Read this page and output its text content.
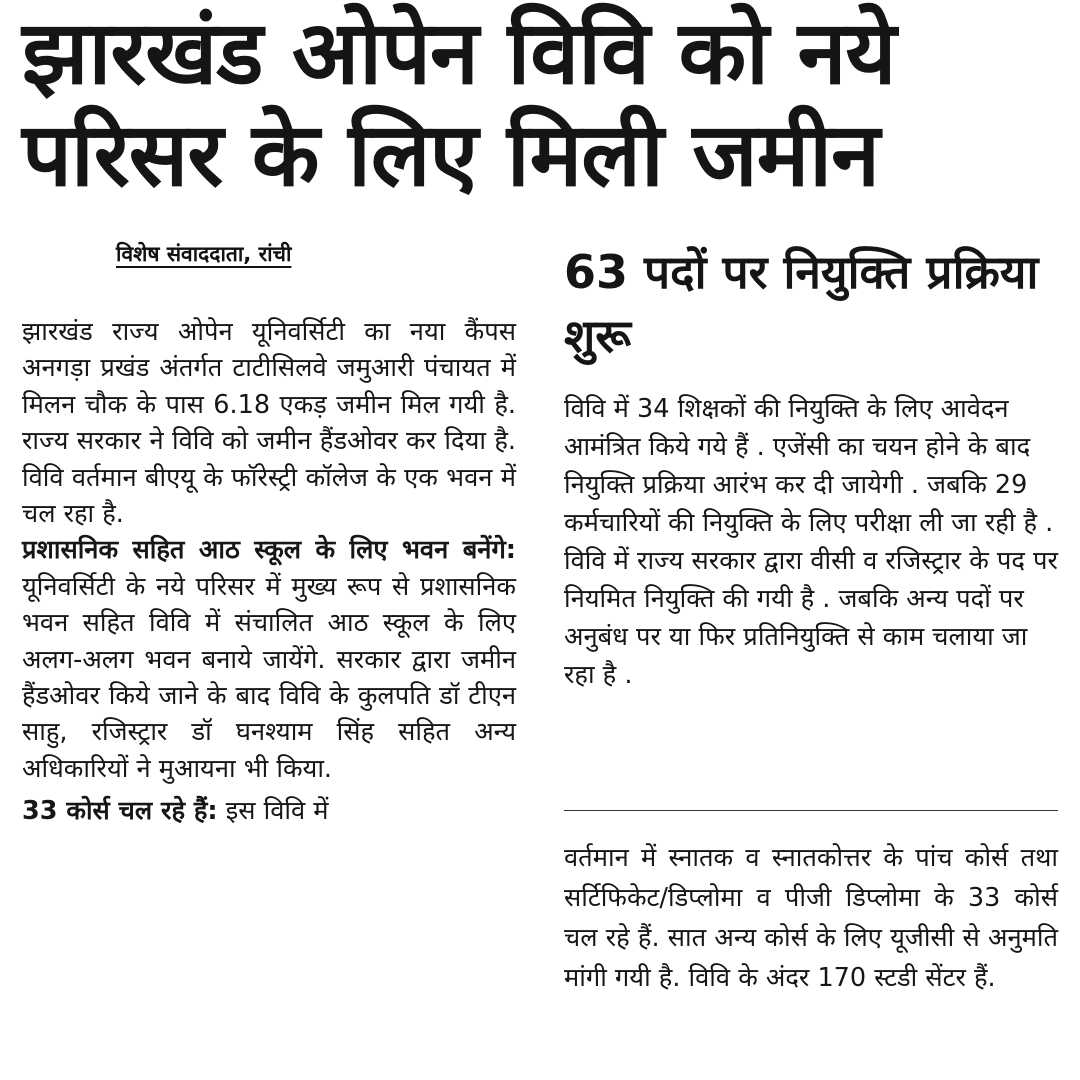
झारखंड ओपेन विवि को नये परिसर के लिए मिली जमीन
विशेष संवाददाता, रांची

झारखंड राज्य ओपेन यूनिवर्सिटी का नया कैंपस अनगड़ा प्रखंड अंतर्गत टाटीसिलवे जमुआरी पंचायत में मिलन चौक के पास 6.18 एकड़ जमीन मिल गयी है. राज्य सरकार ने विवि को जमीन हैंडओवर कर दिया है. विवि वर्तमान बीएयू के फॉरेस्ट्री कॉलेज के एक भवन में चल रहा है.

प्रशासनिक सहित आठ स्कूल के लिए भवन बनेंगे: यूनिवर्सिटी के नये परिसर में मुख्य रूप से प्रशासनिक भवन सहित विवि में संचालित आठ स्कूल के लिए अलग-अलग भवन बनाये जायेंगे. सरकार द्वारा जमीन हैंडओवर किये जाने के बाद विवि के कुलपति डॉ टीएन साहु, रजिस्ट्रार डॉ घनश्याम सिंह सहित अन्य अधिकारियों ने मुआयना भी किया.

33 कोर्स चल रहे हैं: इस विवि में

63 पदों पर नियुक्ति प्रक्रिया शुरू

विवि में 34 शिक्षकों की नियुक्ति के लिए आवेदन आमंत्रित किये गये हैं . एजेंसी का चयन होने के बाद नियुक्ति प्रक्रिया आरंभ कर दी जायेगी . जबकि 29 कर्मचारियों की नियुक्ति के लिए परीक्षा ली जा रही है . विवि में राज्य सरकार द्वारा वीसी व रजिस्ट्रार के पद पर नियमित नियुक्ति की गयी है . जबकि अन्य पदों पर अनुबंध पर या फिर प्रतिनियुक्ति से काम चलाया जा रहा है .

वर्तमान में स्नातक व स्नातकोत्तर के पांच कोर्स तथा सर्टिफिकेट/डिप्लोमा व पीजी डिप्लोमा के 33 कोर्स चल रहे हैं. सात अन्य कोर्स के लिए यूजीसी से अनुमति मांगी गयी है. विवि के अंदर 170 स्टडी सेंटर हैं.
